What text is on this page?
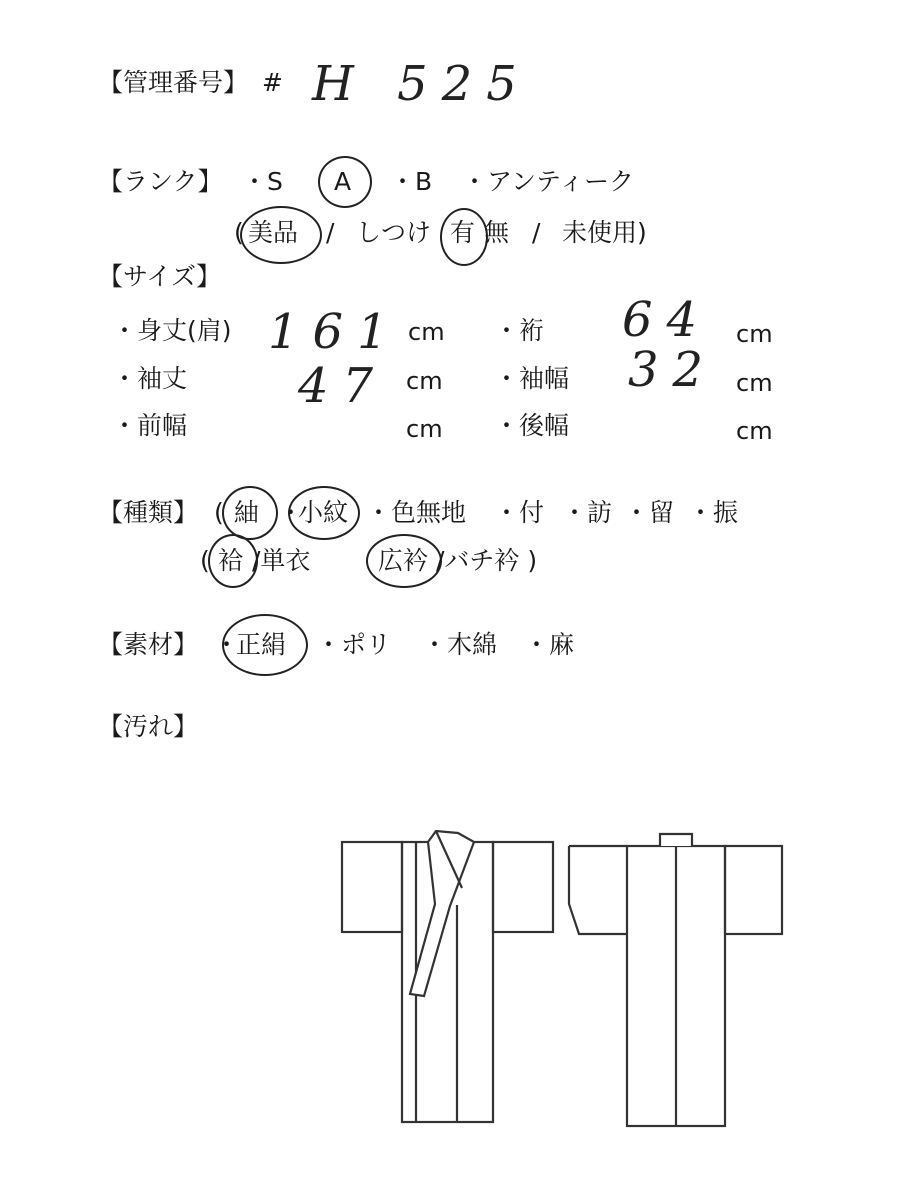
【管理番号】 # H 525
【ランク】 ・S A ・B ・アンティーク
( 美品 / しつけ 有 無 / 未使用)
【サイズ】
・身丈(肩) 161 cm ・裄 64 cm
・袖丈 47 cm ・袖幅 32 cm
・前幅	cm ・後幅	cm
【種類】 ( 紬 ・
小紋 ・色無地 ・付 ・訪 ・留 ・振
( 袷 /単衣	広衿 /バチ衿 )
【素材】 ・
正絹 ・ポリ ・木綿 ・麻
【汚れ】
